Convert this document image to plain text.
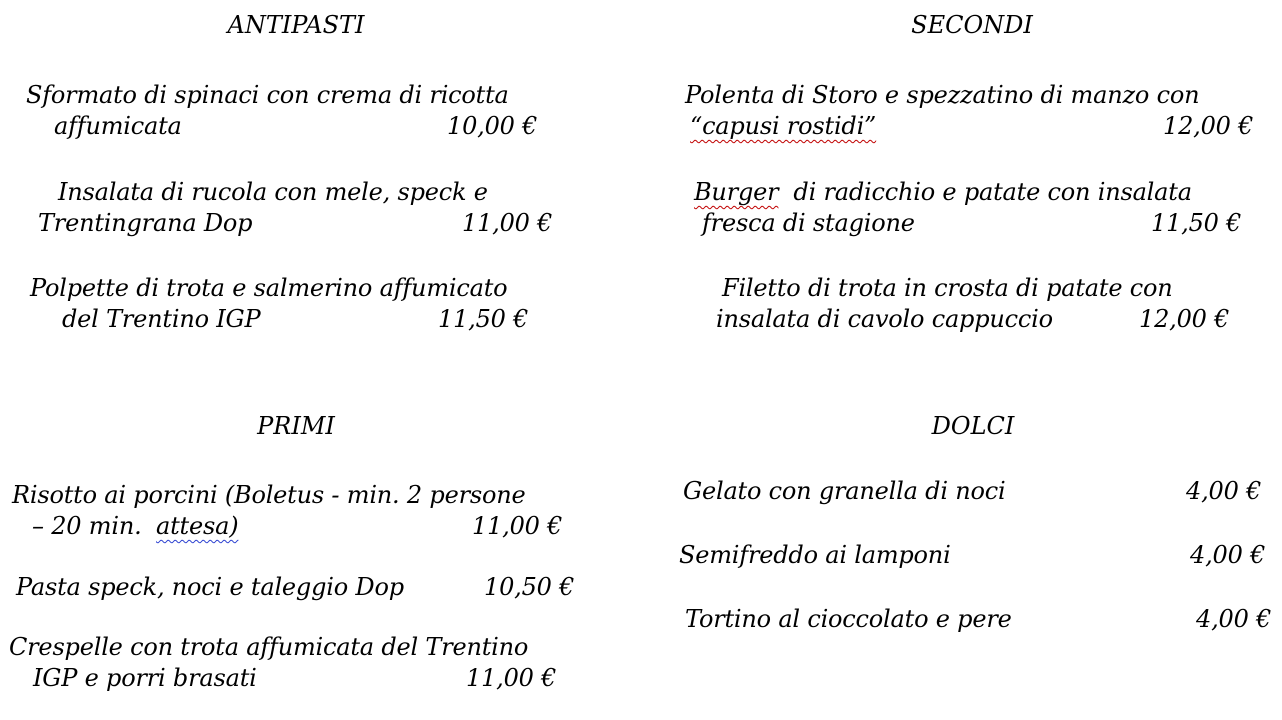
ANTIPASTI
Sformato di spinaci con crema di ricotta
affumicata	10,00 €
Insalata di rucola con mele, speck e
Trentingrana Dop	11,00 €
Polpette di trota e salmerino affumicato
del Trentino IGP	11,50 €
SECONDI
Polenta di Storo e spezzatino di manzo con
“capusi rostidi”	12,00 €
Burger di radicchio e patate con insalata
fresca di stagione	11,50 €
Filetto di trota in crosta di patate con
insalata di cavolo cappuccio	12,00 €
PRIMI
Risotto ai porcini (Boletus - min. 2 persone
– 20 min. attesa)	11,00 €
Pasta speck, noci e taleggio Dop	10,50 €
Crespelle con trota affumicata del Trentino
IGP e porri brasati	11,00 €
DOLCI
Gelato con granella di noci	4,00 €
Semifreddo ai lamponi	4,00 €
Tortino al cioccolato e pere	4,00 €
